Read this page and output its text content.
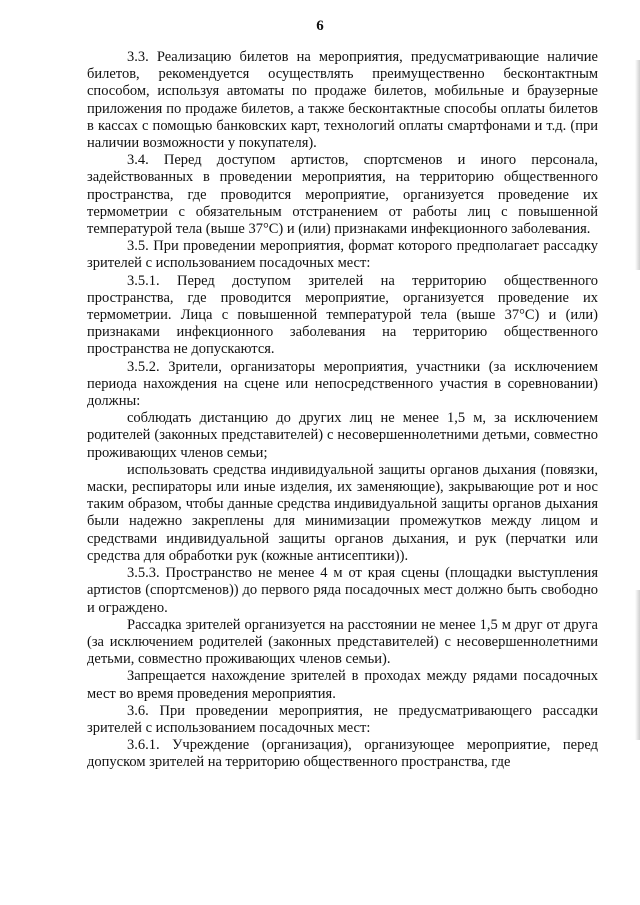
6

3.3. Реализацию билетов на мероприятия, предусматривающие наличие билетов, рекомендуется осуществлять преимущественно бесконтактным способом, используя автоматы по продаже билетов, мобильные и браузерные приложения по продаже билетов, а также бесконтактные способы оплаты билетов в кассах с помощью банковских карт, технологий оплаты смартфонами и т.д. (при наличии возможности у покупателя).

3.4. Перед доступом артистов, спортсменов и иного персонала, задействованных в проведении мероприятия, на территорию общественного пространства, где проводится мероприятие, организуется проведение их термометрии с обязательным отстранением от работы лиц с повышенной температурой тела (выше 37°С) и (или) признаками инфекционного заболевания.

3.5. При проведении мероприятия, формат которого предполагает рассадку зрителей с использованием посадочных мест:

3.5.1. Перед доступом зрителей на территорию общественного пространства, где проводится мероприятие, организуется проведение их термометрии. Лица с повышенной температурой тела (выше 37°С) и (или) признаками инфекционного заболевания на территорию общественного пространства не допускаются.

3.5.2. Зрители, организаторы мероприятия, участники (за исключением периода нахождения на сцене или непосредственного участия в соревновании) должны:

соблюдать дистанцию до других лиц не менее 1,5 м, за исключением родителей (законных представителей) с несовершеннолетними детьми, совместно проживающих членов семьи;

использовать средства индивидуальной защиты органов дыхания (повязки, маски, респираторы или иные изделия, их заменяющие), закрывающие рот и нос таким образом, чтобы данные средства индивидуальной защиты органов дыхания были надежно закреплены для минимизации промежутков между лицом и средствами индивидуальной защиты органов дыхания, и рук (перчатки или средства для обработки рук (кожные антисептики)).

3.5.3. Пространство не менее 4 м от края сцены (площадки выступления артистов (спортсменов)) до первого ряда посадочных мест должно быть свободно и ограждено.

Рассадка зрителей организуется на расстоянии не менее 1,5 м друг от друга (за исключением родителей (законных представителей) с несовершеннолетними детьми, совместно проживающих членов семьи).

Запрещается нахождение зрителей в проходах между рядами посадочных мест во время проведения мероприятия.

3.6. При проведении мероприятия, не предусматривающего рассадки зрителей с использованием посадочных мест:

3.6.1. Учреждение (организация), организующее мероприятие, перед допуском зрителей на территорию общественного пространства, где
